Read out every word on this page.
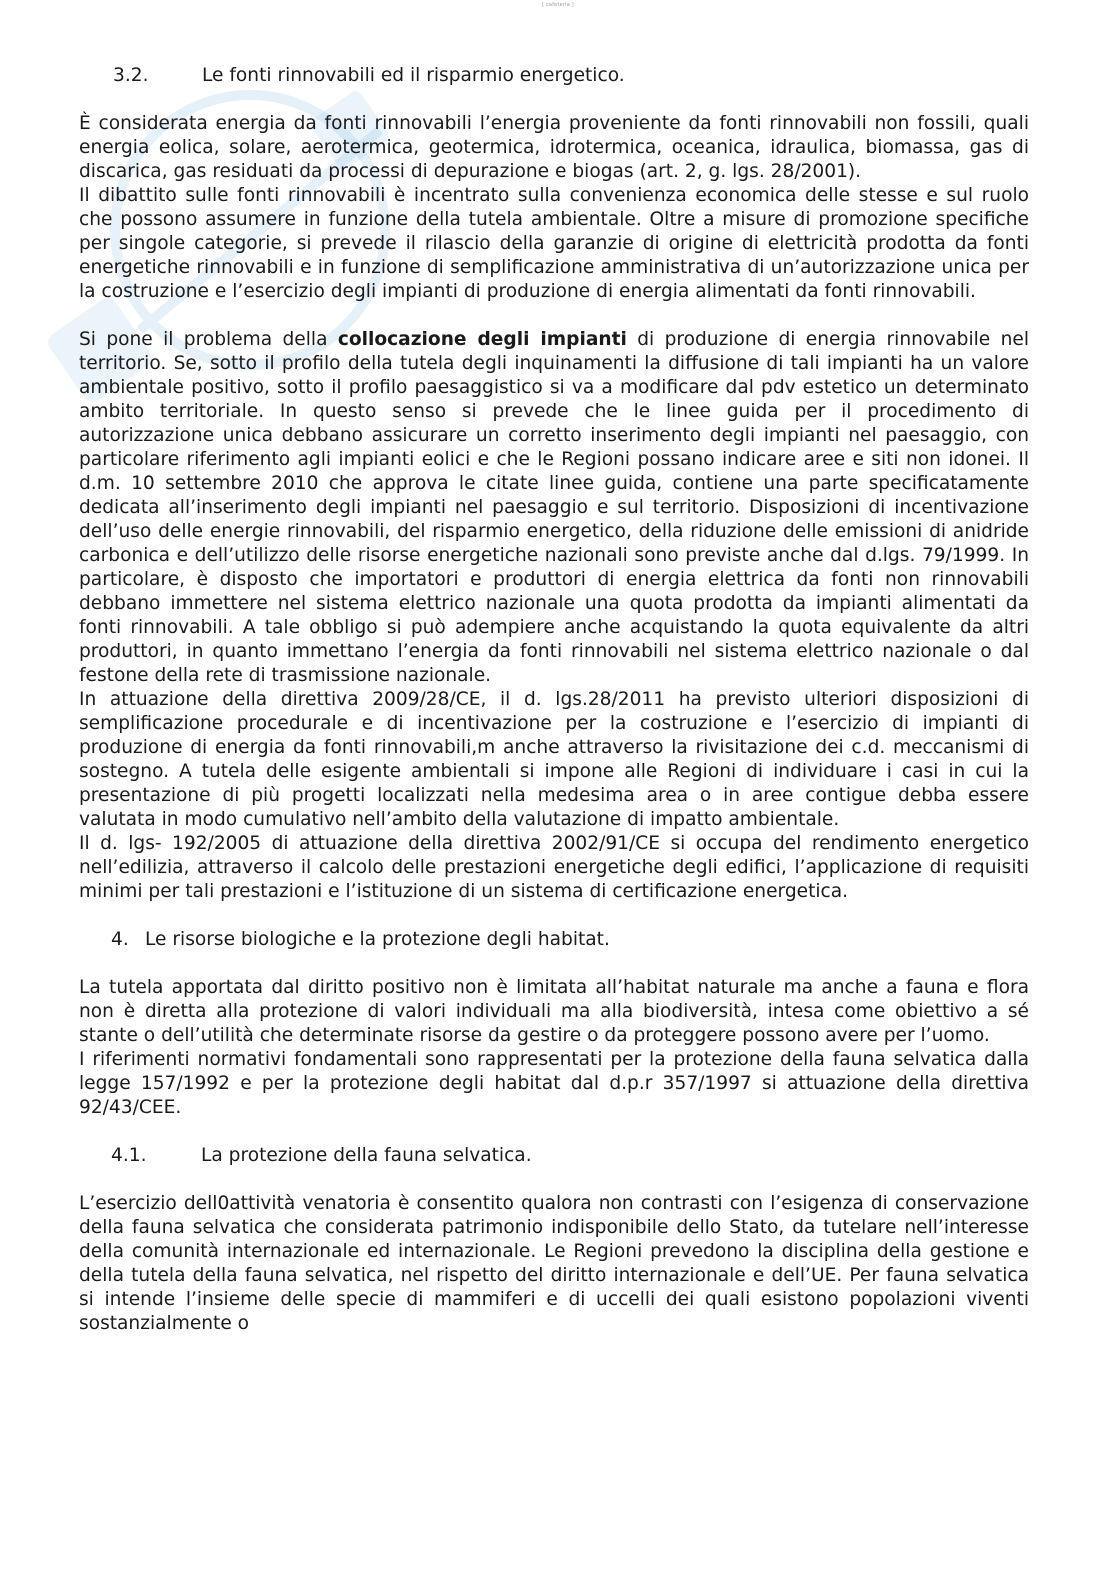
[ cafeteria ]
3.2.	Le fonti rinnovabili ed il risparmio energetico.

È considerata energia da fonti rinnovabili l’energia proveniente da fonti rinnovabili non fossili, quali energia eolica, solare, aerotermica, geotermica, idrotermica, oceanica, idraulica, biomassa, gas di discarica, gas residuati da processi di depurazione e biogas (art. 2, g. lgs. 28/2001).

Il dibattito sulle fonti rinnovabili è incentrato sulla convenienza economica delle stesse e sul ruolo che possono assumere in funzione della tutela ambientale. Oltre a misure di promozione specifiche per singole categorie, si prevede il rilascio della garanzie di origine di elettricità prodotta da fonti energetiche rinnovabili e in funzione di semplificazione amministrativa di un’autorizzazione unica per la costruzione e l’esercizio degli impianti di produzione di energia alimentati da fonti rinnovabili.

Si pone il problema della collocazione degli impianti di produzione di energia rinnovabile nel territorio. Se, sotto il profilo della tutela degli inquinamenti la diffusione di tali impianti ha un valore ambientale positivo, sotto il profilo paesaggistico si va a modificare dal pdv estetico un determinato ambito territoriale. In questo senso si prevede che le linee guida per il procedimento di autorizzazione unica debbano assicurare un corretto inserimento degli impianti nel paesaggio, con particolare riferimento agli impianti eolici e che le Regioni possano indicare aree e siti non idonei. Il d.m. 10 settembre 2010 che approva le citate linee guida, contiene una parte specificatamente dedicata all’inserimento degli impianti nel paesaggio e sul territorio. Disposizioni di incentivazione dell’uso delle energie rinnovabili, del risparmio energetico, della riduzione delle emissioni di anidride carbonica e dell’utilizzo delle risorse energetiche nazionali sono previste anche dal d.lgs. 79/1999. In particolare, è disposto che importatori e produttori di energia elettrica da fonti non rinnovabili debbano immettere nel sistema elettrico nazionale una quota prodotta da impianti alimentati da fonti rinnovabili. A tale obbligo si può adempiere anche acquistando la quota equivalente da altri produttori, in quanto immettano l’energia da fonti rinnovabili nel sistema elettrico nazionale o dal festone della rete di trasmissione nazionale.

In attuazione della direttiva 2009/28/CE, il d. lgs.28/2011 ha previsto ulteriori disposizioni di semplificazione procedurale e di incentivazione per la costruzione e l’esercizio di impianti di produzione di energia da fonti rinnovabili,m anche attraverso la rivisitazione dei c.d. meccanismi di sostegno. A tutela delle esigente ambientali si impone alle Regioni di individuare i casi in cui la presentazione di più progetti localizzati nella medesima area o in aree contigue debba essere valutata in modo cumulativo nell’ambito della valutazione di impatto ambientale.

Il d. lgs- 192/2005 di attuazione della direttiva 2002/91/CE si occupa del rendimento energetico nell’edilizia, attraverso il calcolo delle prestazioni energetiche degli edifici, l’applicazione di requisiti minimi per tali prestazioni e l’istituzione di un sistema di certificazione energetica.

4. Le risorse biologiche e la protezione degli habitat.

La tutela apportata dal diritto positivo non è limitata all’habitat naturale ma anche a fauna e flora non è diretta alla protezione di valori individuali ma alla biodiversità, intesa come obiettivo a sé stante o dell’utilità che determinate risorse da gestire o da proteggere possono avere per l’uomo.

I riferimenti normativi fondamentali sono rappresentati per la protezione della fauna selvatica dalla legge 157/1992 e per la protezione degli habitat dal d.p.r 357/1997 si attuazione della direttiva 92/43/CEE.

4.1.	La protezione della fauna selvatica.

L’esercizio dell0attività venatoria è consentito qualora non contrasti con l’esigenza di conservazione della fauna selvatica che considerata patrimonio indisponibile dello Stato, da tutelare nell’interesse della comunità internazionale ed internazionale. Le Regioni prevedono la disciplina della gestione e della tutela della fauna selvatica, nel rispetto del diritto internazionale e dell’UE. Per fauna selvatica si intende l’insieme delle specie di mammiferi e di uccelli dei quali esistono popolazioni viventi sostanzialmente o
